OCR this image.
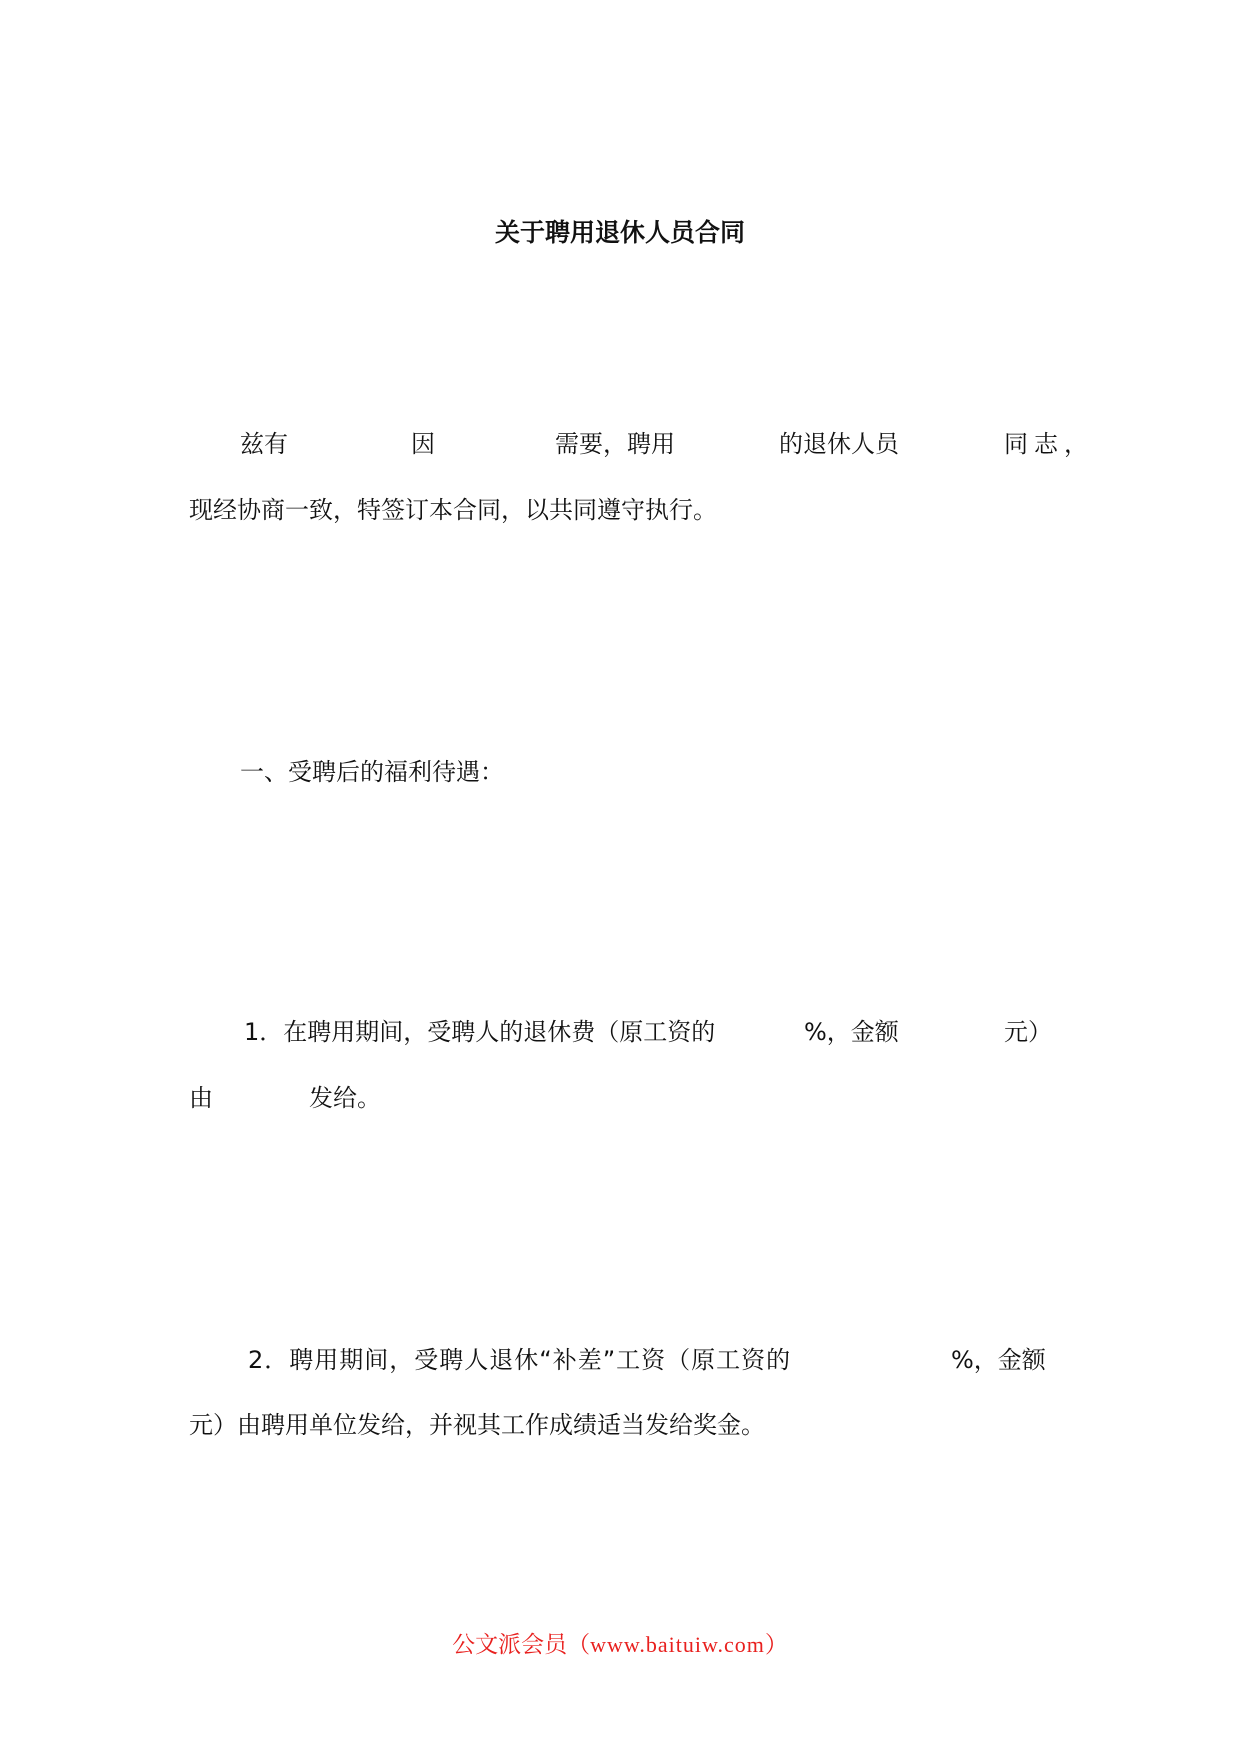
关于聘用退休人员合同
兹有	因	需要，聘用	的退休人员	同志，
现经协商一致，特签订本合同，以共同遵守执行。
一、受聘后的福利待遇：
1．在聘用期间，受聘人的退休费（原工资的	%，金额	元）
由	发给。
2．聘用期间，受聘人退休“补差”工资（原工资的	%，金额
元）由聘用单位发给，并视其工作成绩适当发给奖金。
公文派会员（www.baituiw.com）
